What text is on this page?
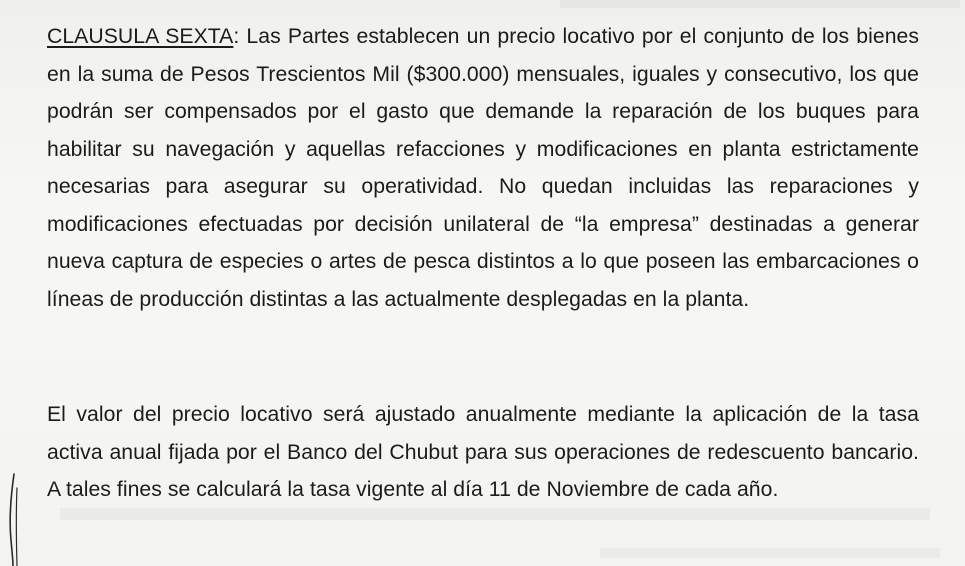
CLAUSULA SEXTA: Las Partes establecen un precio locativo por el conjunto de los bienes en la suma de Pesos Trescientos Mil ($300.000) mensuales, iguales y consecutivo, los que podrán ser compensados por el gasto que demande la reparación de los buques para habilitar su navegación y aquellas refacciones y modificaciones en planta estrictamente necesarias para asegurar su operatividad. No quedan incluidas las reparaciones y modificaciones efectuadas por decisión unilateral de “la empresa” destinadas a generar nueva captura de especies o artes de pesca distintos a lo que poseen las embarcaciones o líneas de producción distintas a las actualmente desplegadas en la planta.
El valor del precio locativo será ajustado anualmente mediante la aplicación de la tasa activa anual fijada por el Banco del Chubut para sus operaciones de redescuento bancario. A tales fines se calculará la tasa vigente al día 11 de Noviembre de cada año.
